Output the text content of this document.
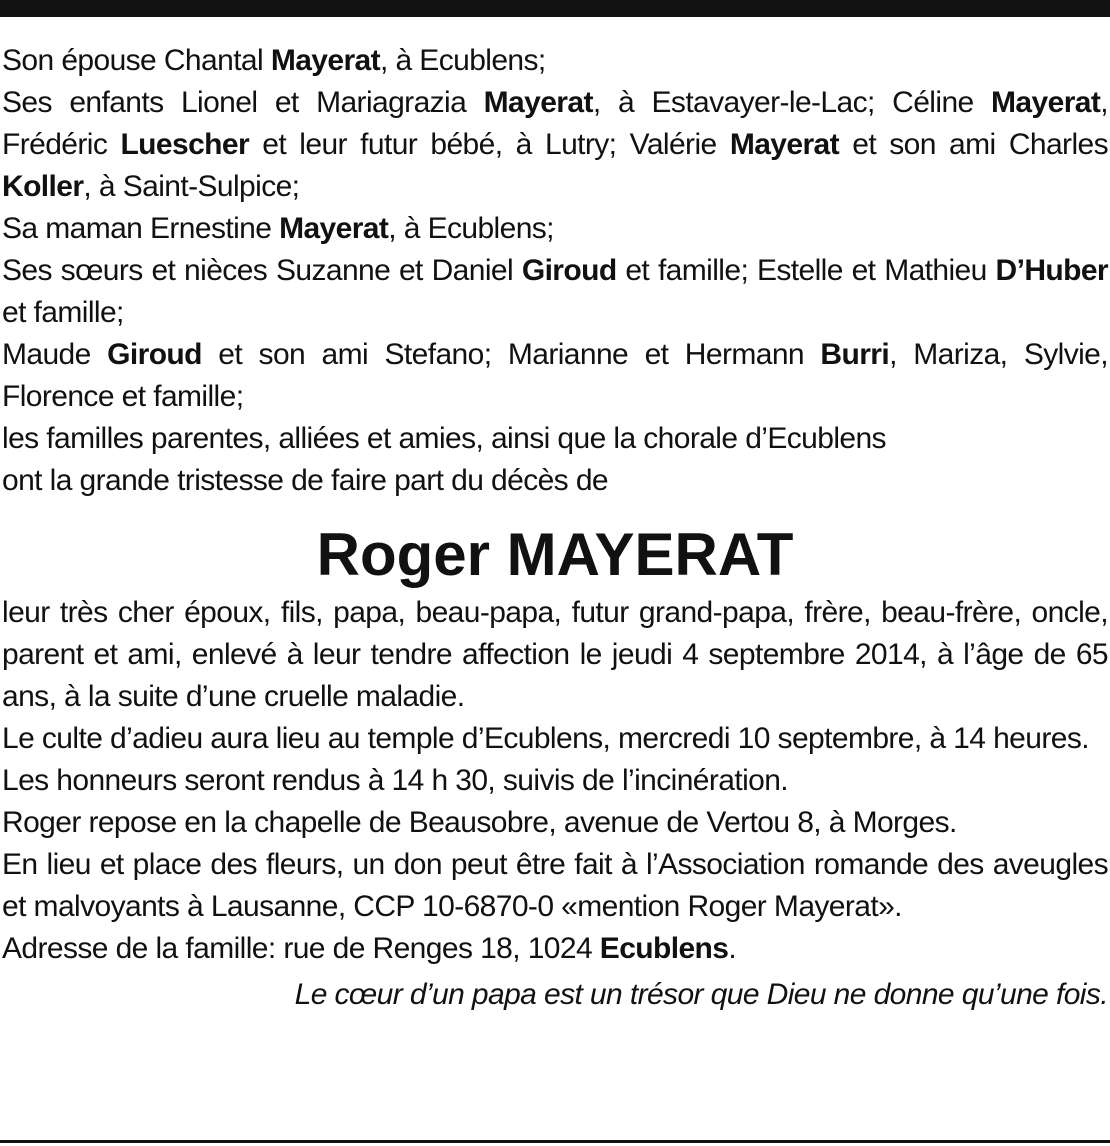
Son épouse Chantal Mayerat, à Ecublens;

Ses enfants Lionel et Mariagrazia Mayerat, à Estavayer-le-Lac; Céline Mayerat, Frédéric Luescher et leur futur bébé, à Lutry; Valérie Mayerat et son ami Charles Koller, à Saint-Sulpice;

Sa maman Ernestine Mayerat, à Ecublens;

Ses sœurs et nièces Suzanne et Daniel Giroud et famille; Estelle et Mathieu D’Huber et famille;

Maude Giroud et son ami Stefano; Marianne et Hermann Burri, Mariza, Sylvie, Florence et famille;

les familles parentes, alliées et amies, ainsi que la chorale d’Ecublens

ont la grande tristesse de faire part du décès de

Roger MAYERAT

leur très cher époux, fils, papa, beau-papa, futur grand-papa, frère, beau-frère, oncle, parent et ami, enlevé à leur tendre affection le jeudi 4 septembre 2014, à l’âge de 65 ans, à la suite d’une cruelle maladie.

Le culte d’adieu aura lieu au temple d’Ecublens, mercredi 10 septembre, à 14 heures.

Les honneurs seront rendus à 14 h 30, suivis de l’incinération.

Roger repose en la chapelle de Beausobre, avenue de Vertou 8, à Morges.

En lieu et place des fleurs, un don peut être fait à l’Association romande des aveugles et malvoyants à Lausanne, CCP 10-6870-0 «mention Roger Mayerat».

Adresse de la famille: rue de Renges 18, 1024 Ecublens.

Le cœur d’un papa est un trésor que Dieu ne donne qu’une fois.
